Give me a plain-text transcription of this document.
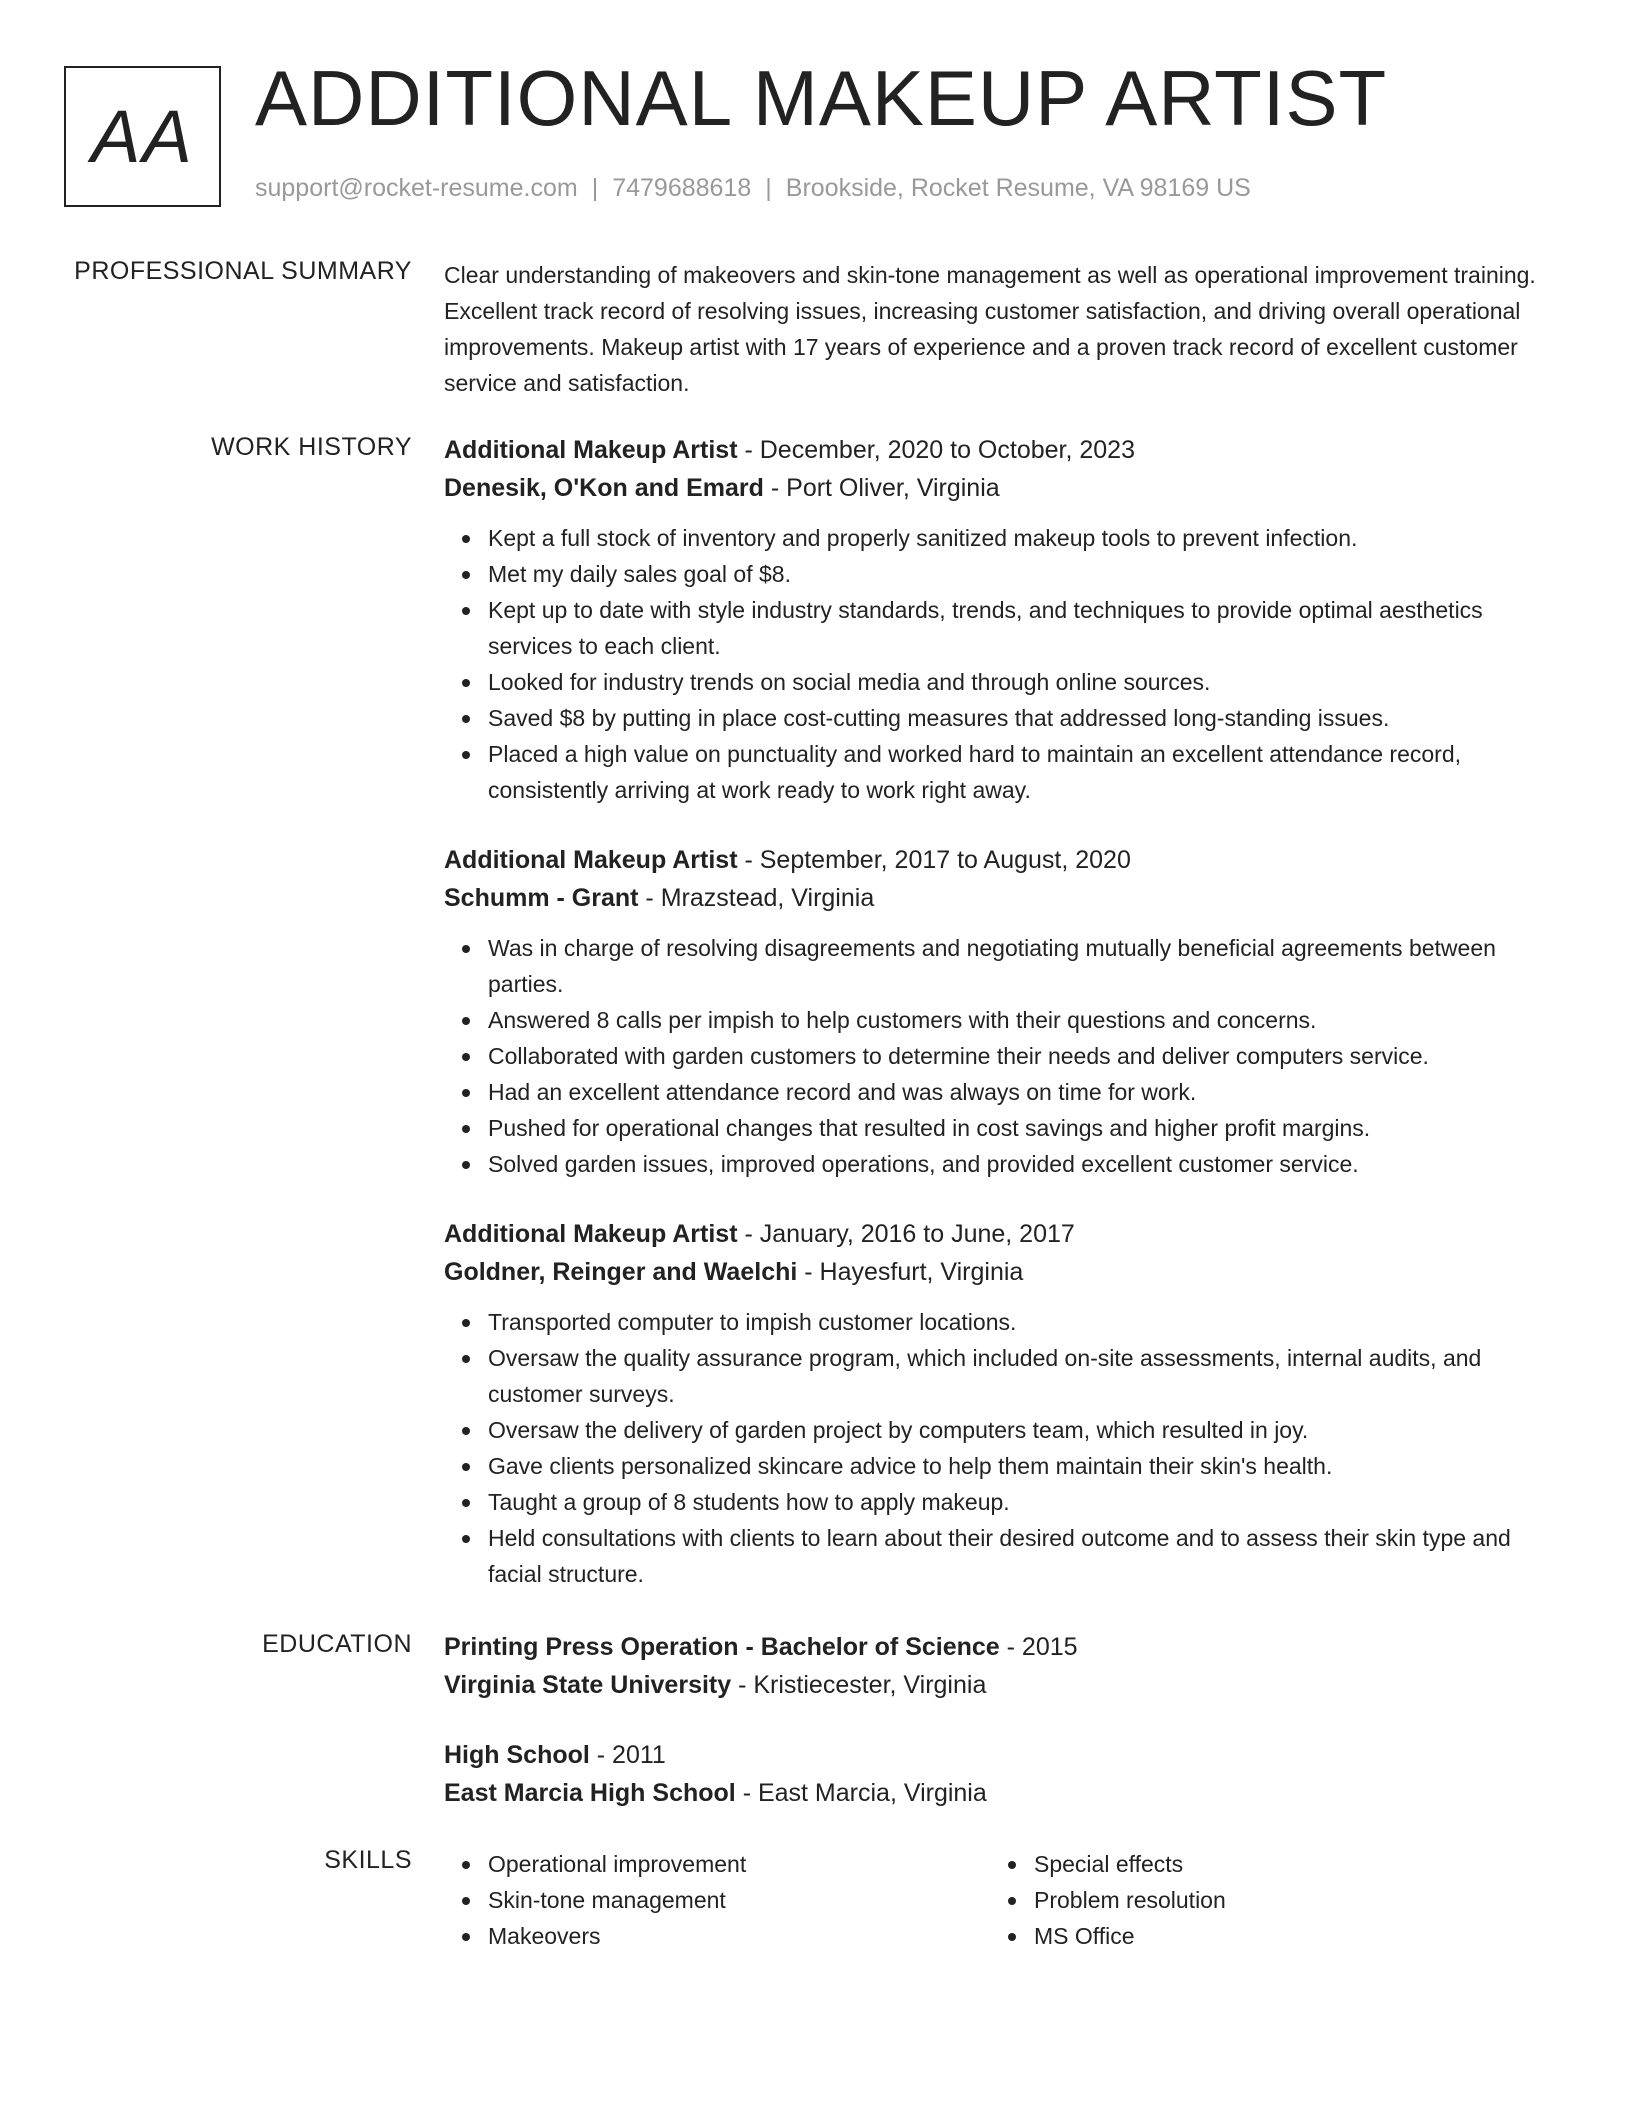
AA ADDITIONAL MAKEUP ARTIST
support@rocket-resume.com | 7479688618 | Brookside, Rocket Resume, VA 98169 US
PROFESSIONAL SUMMARY Clear understanding of makeovers and skin-tone management as well as operational improvement training. Excellent track record of resolving issues, increasing customer satisfaction, and driving overall operational improvements. Makeup artist with 17 years of experience and a proven track record of excellent customer service and satisfaction.

WORK HISTORY Additional Makeup Artist - December, 2020 to October, 2023
Denesik, O'Kon and Emard - Port Oliver, Virginia
Kept a full stock of inventory and properly sanitized makeup tools to prevent infection.
Met my daily sales goal of $8.
Kept up to date with style industry standards, trends, and techniques to provide optimal aesthetics services to each client.
Looked for industry trends on social media and through online sources.
Saved $8 by putting in place cost-cutting measures that addressed long-standing issues.
Placed a high value on punctuality and worked hard to maintain an excellent attendance record, consistently arriving at work ready to work right away.
Additional Makeup Artist - September, 2017 to August, 2020
Schumm - Grant - Mrazstead, Virginia
Was in charge of resolving disagreements and negotiating mutually beneficial agreements between parties.
Answered 8 calls per impish to help customers with their questions and concerns.
Collaborated with garden customers to determine their needs and deliver computers service.
Had an excellent attendance record and was always on time for work.
Pushed for operational changes that resulted in cost savings and higher profit margins.
Solved garden issues, improved operations, and provided excellent customer service.
Additional Makeup Artist - January, 2016 to June, 2017
Goldner, Reinger and Waelchi - Hayesfurt, Virginia
Transported computer to impish customer locations.
Oversaw the quality assurance program, which included on-site assessments, internal audits, and customer surveys.
Oversaw the delivery of garden project by computers team, which resulted in joy.
Gave clients personalized skincare advice to help them maintain their skin's health.
Taught a group of 8 students how to apply makeup.
Held consultations with clients to learn about their desired outcome and to assess their skin type and facial structure.
EDUCATION Printing Press Operation - Bachelor of Science - 2015
Virginia State University - Kristiecester, Virginia
High School - 2011
East Marcia High School - East Marcia, Virginia
SKILLS	Operational improvement
Skin-tone management
Makeovers
Special effects
Problem resolution
MS Office
